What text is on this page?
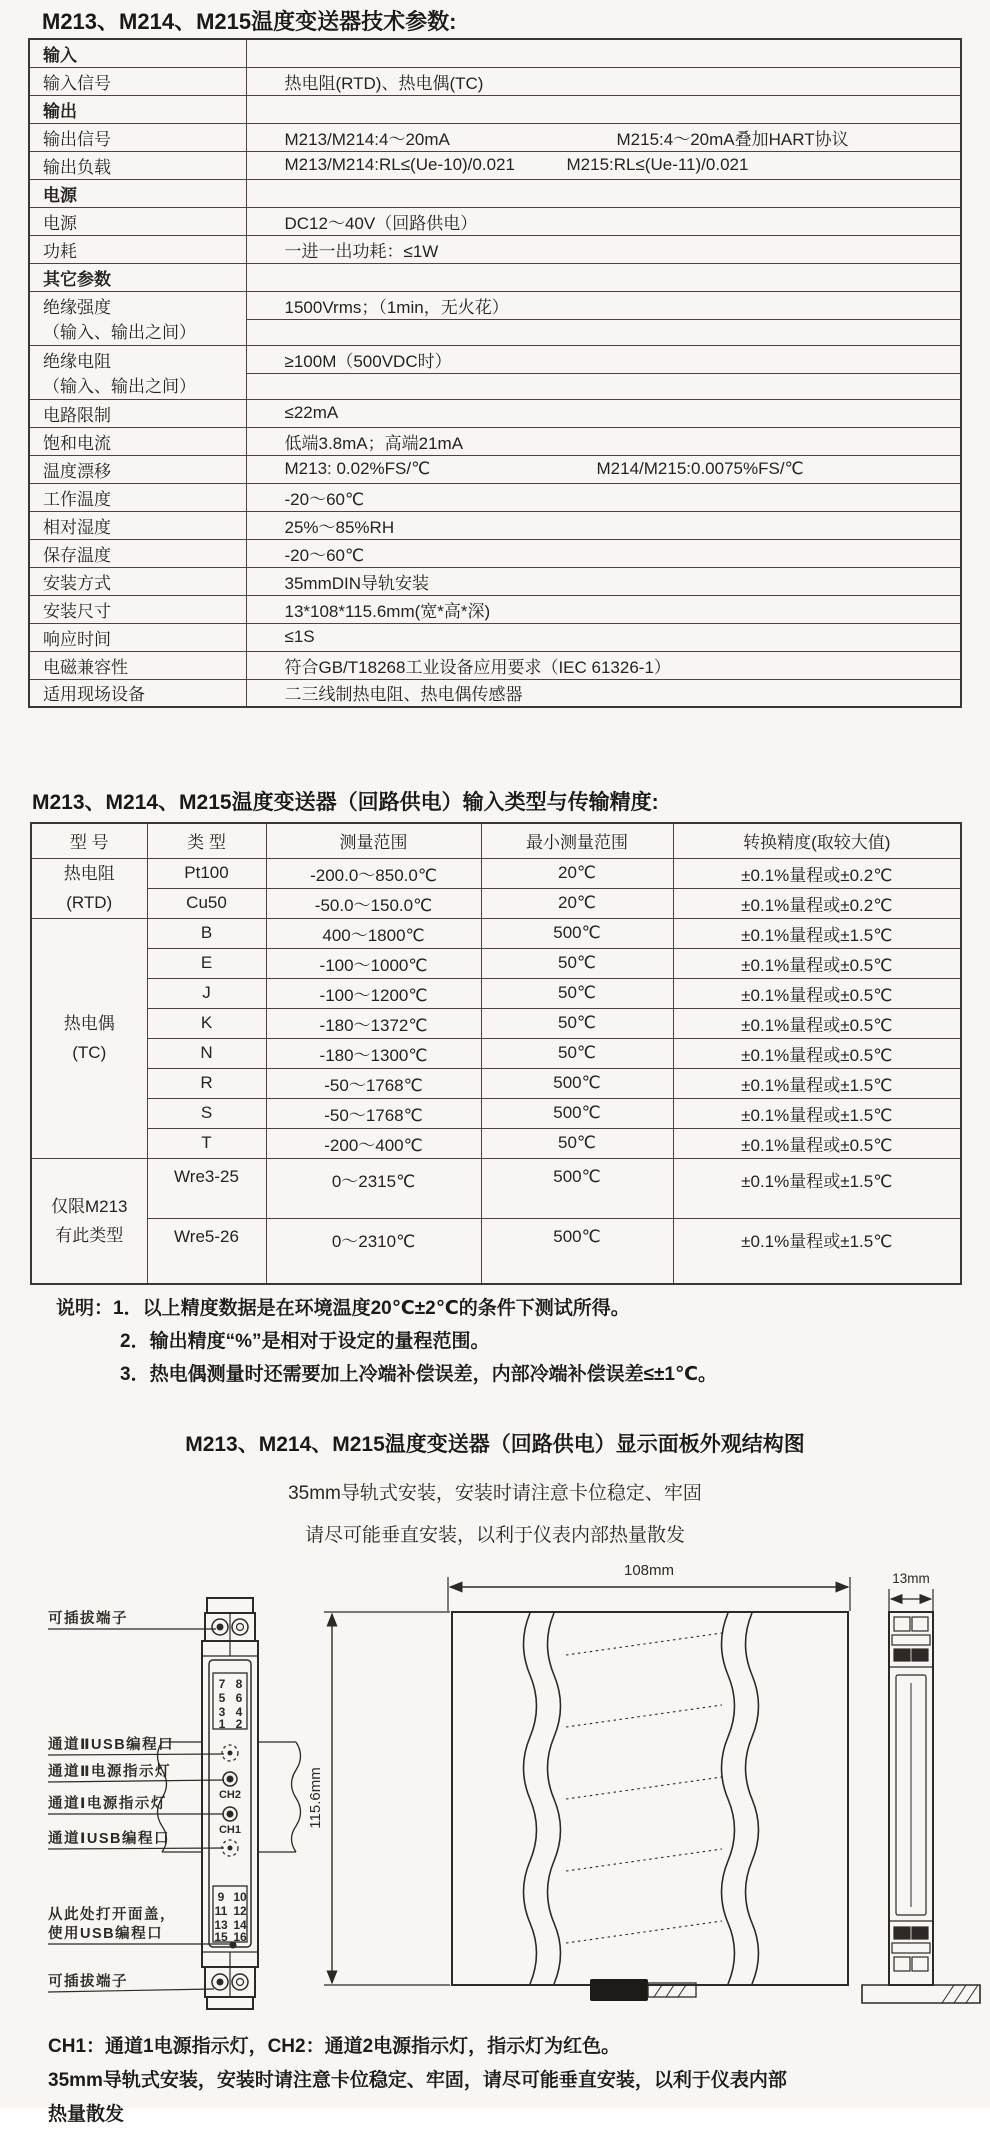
M213、M214、M215温度变送器技术参数:
输入	
输入信号	热电阻(RTD)、热电偶(TC)
输出	
输出信号	M213/M214:4～20mA M215:4～20mA叠加HART协议
输出负载	M213/M214:RL≤(Ue-10)/0.021 M215:RL≤(Ue-11)/0.021
电源	
电源	DC12～40V（回路供电）
功耗	一进一出功耗：≤1W
其它参数	

绝缘强度
（输入、输出之间）	1500Vrms；（1min，无火花）

绝缘电阻
（输入、输出之间）	≥100M（500VDC时）

电路限制	≤22mA
饱和电流	低端3.8mA；高端21mA
温度漂移	M213: 0.02%FS/℃ M214/M215:0.0075%FS/℃
工作温度	-20～60℃
相对湿度	25%～85%RH
保存温度	-20～60℃
安装方式	35mmDIN导轨安装
安装尺寸	13*108*115.6mm(宽*高*深)
响应时间	≤1S
电磁兼容性	符合GB/T18268工业设备应用要求（IEC 61326-1）
适用现场设备	二三线制热电阻、热电偶传感器
M213、M214、M215温度变送器（回路供电）输入类型与传输精度:
型 号	类 型	测量范围	最小测量范围	转换精度(取较大值)

热电阻
(RTD)	Pt100	-200.0～850.0℃	20℃	±0.1%量程或±0.2℃
	Cu50	-50.0～150.0℃	20℃	±0.1%量程或±0.2℃

热电偶
(TC)	B	400～1800℃	500℃	±0.1%量程或±1.5℃
	E	-100～1000℃	50℃	±0.1%量程或±0.5℃
	J	-100～1200℃	50℃	±0.1%量程或±0.5℃
	K	-180～1372℃	50℃	±0.1%量程或±0.5℃
	N	-180～1300℃	50℃	±0.1%量程或±0.5℃
	R	-50～1768℃	500℃	±0.1%量程或±1.5℃
	S	-50～1768℃	500℃	±0.1%量程或±1.5℃
	T	-200～400℃	50℃	±0.1%量程或±0.5℃

仅限M213
有此类型	Wre3-25	0～2315℃	500℃	±0.1%量程或±1.5℃
	Wre5-26	0～2310℃	500℃	±0.1%量程或±1.5℃
说明：1．以上精度数据是在环境温度20℃±2℃的条件下测试所得。
2．输出精度“%”是相对于设定的量程范围。
3．热电偶测量时还需要加上冷端补偿误差，内部冷端补偿误差≤±1℃。
M213、M214、M215温度变送器（回路供电）显示面板外观结构图
35mm导轨式安装，安装时请注意卡位稳定、牢固
请尽可能垂直安装，以利于仪表内部热量散发
可插拔端子
通道ⅡUSB编程口
通道Ⅱ电源指示灯
通道Ⅰ电源指示灯
通道ⅠUSB编程口
从此处打开面盖，
使用USB编程口
可插拔端子
7 8
5 6
3 4
1 2
9 10
11 12
13 14
15 16
CH2
CH1
108mm
115.6mm
13mm
CH1：通道1电源指示灯，CH2：通道2电源指示灯，指示灯为红色。
35mm导轨式安装，安装时请注意卡位稳定、牢固，请尽可能垂直安装，以利于仪表内部
热量散发
